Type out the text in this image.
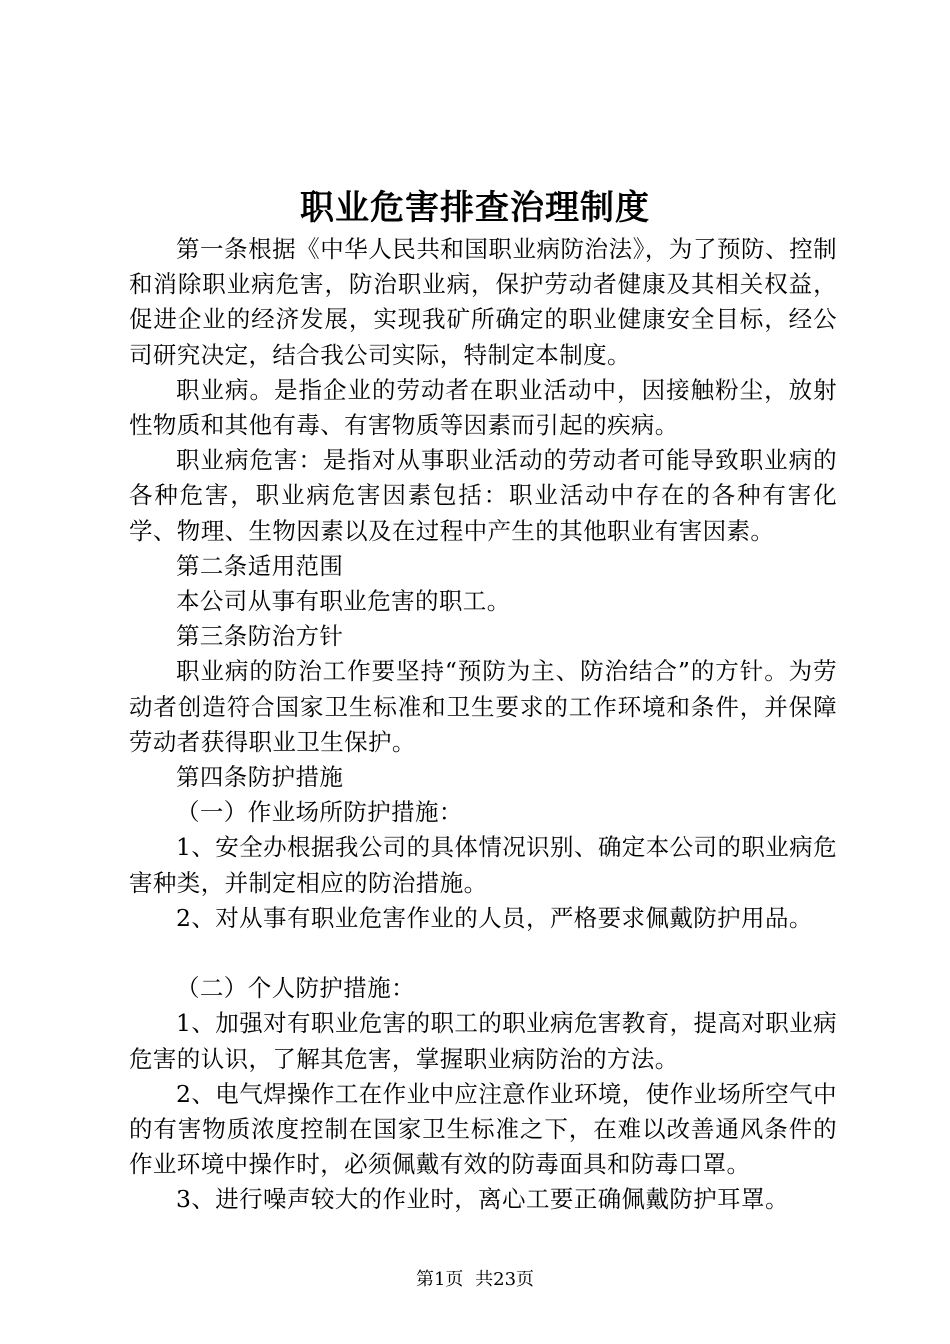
职业危害排查治理制度

第一条根据《中华人民共和国职业病防治法》，为了预防、控制和消除职业病危害，防治职业病，保护劳动者健康及其相关权益，促进企业的经济发展，实现我矿所确定的职业健康安全目标，经公司研究决定，结合我公司实际，特制定本制度。

职业病。是指企业的劳动者在职业活动中，因接触粉尘，放射性物质和其他有毒、有害物质等因素而引起的疾病。

职业病危害：是指对从事职业活动的劳动者可能导致职业病的各种危害，职业病危害因素包括：职业活动中存在的各种有害化学、物理、生物因素以及在过程中产生的其他职业有害因素。

第二条适用范围

本公司从事有职业危害的职工。

第三条防治方针

职业病的防治工作要坚持“预防为主、防治结合”的方针。为劳动者创造符合国家卫生标准和卫生要求的工作环境和条件，并保障劳动者获得职业卫生保护。

第四条防护措施

（一）作业场所防护措施：

1、安全办根据我公司的具体情况识别、确定本公司的职业病危害种类，并制定相应的防治措施。

2、对从事有职业危害作业的人员，严格要求佩戴防护用品。

（二）个人防护措施：

1、加强对有职业危害的职工的职业病危害教育，提高对职业病危害的认识，了解其危害，掌握职业病防治的方法。

2、电气焊操作工在作业中应注意作业环境，使作业场所空气中的有害物质浓度控制在国家卫生标准之下，在难以改善通风条件的作业环境中操作时，必须佩戴有效的防毒面具和防毒口罩。

3、进行噪声较大的作业时，离心工要正确佩戴防护耳罩。

第1页 共23页
